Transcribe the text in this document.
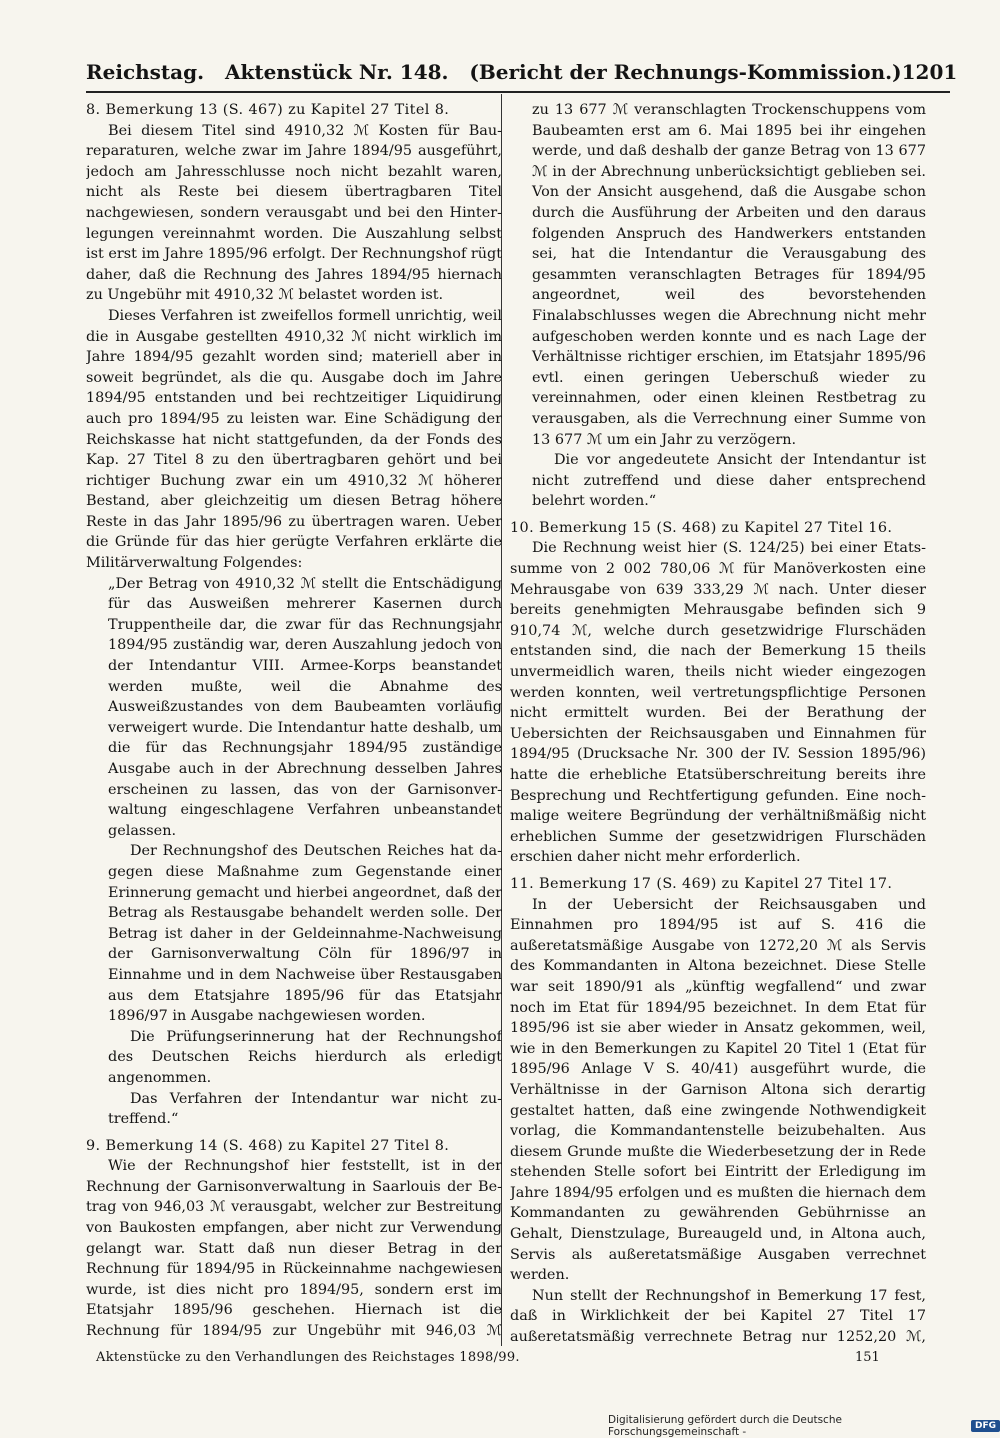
Reichstag.   Aktenstück Nr. 148.   (Bericht der Rechnungs-Kommission.) 1201

8. Bemerkung 13 (S. 467) zu Kapitel 27 Titel 8.

Bei diesem Titel sind 4910,32 ℳ Kosten für Baureparaturen, welche zwar im Jahre 1894/95 ausgeführt, jedoch am Jahresschlusse noch nicht bezahlt waren, nicht als Reste bei diesem übertragbaren Titel nachgewiesen, sondern verausgabt und bei den Hinterlegungen vereinnahmt worden. Die Auszahlung selbst ist erst im Jahre 1895/96 erfolgt. Der Rechnungshof rügt daher, daß die Rechnung des Jahres 1894/95 hiernach zu Ungebühr mit 4910,32 ℳ belastet worden ist.

Dieses Verfahren ist zweifellos formell unrichtig, weil die in Ausgabe gestellten 4910,32 ℳ nicht wirklich im Jahre 1894/95 gezahlt worden sind; materiell aber in soweit begründet, als die qu. Ausgabe doch im Jahre 1894/95 entstanden und bei rechtzeitiger Liquidirung auch pro 1894/95 zu leisten war. Eine Schädigung der Reichskasse hat nicht stattgefunden, da der Fonds des Kap. 27 Titel 8 zu den übertragbaren gehört und bei richtiger Buchung zwar ein um 4910,32 ℳ höherer Bestand, aber gleichzeitig um diesen Betrag höhere Reste in das Jahr 1895/96 zu übertragen waren. Ueber die Gründe für das hier gerügte Verfahren erklärte die Militärverwaltung Folgendes:

„Der Betrag von 4910,32 ℳ stellt die Entschädigung für das Ausweißen mehrerer Kasernen durch Truppentheile dar, die zwar für das Rechnungsjahr 1894/95 zuständig war, deren Auszahlung jedoch von der Intendantur VIII. Armee-Korps beanstandet werden mußte, weil die Abnahme des Ausweißzustandes von dem Baubeamten vorläufig verweigert wurde. Die Intendantur hatte deshalb, um die für das Rechnungsjahr 1894/95 zuständige Ausgabe auch in der Abrechnung desselben Jahres erscheinen zu lassen, das von der Garnisonverwaltung eingeschlagene Verfahren unbeanstandet gelassen.

Der Rechnungshof des Deutschen Reiches hat dagegen diese Maßnahme zum Gegenstande einer Erinnerung gemacht und hierbei angeordnet, daß der Betrag als Restausgabe behandelt werden solle. Der Betrag ist daher in der Geldeinnahme-Nachweisung der Garnisonverwaltung Cöln für 1896/97 in Einnahme und in dem Nachweise über Restausgaben aus dem Etatsjahre 1895/96 für das Etatsjahr 1896/97 in Ausgabe nachgewiesen worden.

Die Prüfungserinnerung hat der Rechnungshof des Deutschen Reichs hierdurch als erledigt angenommen.

Das Verfahren der Intendantur war nicht zutreffend.“

9. Bemerkung 14 (S. 468) zu Kapitel 27 Titel 8.

Wie der Rechnungshof hier feststellt, ist in der Rechnung der Garnisonverwaltung in Saarlouis der Betrag von 946,03 ℳ verausgabt, welcher zur Bestreitung von Baukosten empfangen, aber nicht zur Verwendung gelangt war. Statt daß nun dieser Betrag in der Rechnung für 1894/95 in Rückeinnahme nachgewiesen wurde, ist dies nicht pro 1894/95, sondern erst im Etatsjahr 1895/96 geschehen. Hiernach ist die Rechnung für 1894/95 zur Ungebühr mit 946,03 ℳ

zu 13 677 ℳ veranschlagten Trockenschuppens vom Baubeamten erst am 6. Mai 1895 bei ihr eingehen werde, und daß deshalb der ganze Betrag von 13 677 ℳ in der Abrechnung unberücksichtigt geblieben sei. Von der Ansicht ausgehend, daß die Ausgabe schon durch die Ausführung der Arbeiten und den daraus folgenden Anspruch des Handwerkers entstanden sei, hat die Intendantur die Verausgabung des gesammten veranschlagten Betrages für 1894/95 angeordnet, weil des bevorstehenden Finalabschlusses wegen die Abrechnung nicht mehr aufgeschoben werden konnte und es nach Lage der Verhältnisse richtiger erschien, im Etatsjahr 1895/96 evtl. einen geringen Ueberschuß wieder zu vereinnahmen, oder einen kleinen Restbetrag zu verausgaben, als die Verrechnung einer Summe von 13 677 ℳ um ein Jahr zu verzögern.

Die vor angedeutete Ansicht der Intendantur ist nicht zutreffend und diese daher entsprechend belehrt worden.“

10. Bemerkung 15 (S. 468) zu Kapitel 27 Titel 16.

Die Rechnung weist hier (S. 124/25) bei einer Etatssumme von 2 002 780,06 ℳ für Manöverkosten eine Mehrausgabe von 639 333,29 ℳ nach. Unter dieser bereits genehmigten Mehrausgabe befinden sich 9 910,74 ℳ, welche durch gesetzwidrige Flurschäden entstanden sind, die nach der Bemerkung 15 theils unvermeidlich waren, theils nicht wieder eingezogen werden konnten, weil vertretungspflichtige Personen nicht ermittelt wurden. Bei der Berathung der Uebersichten der Reichsausgaben und Einnahmen für 1894/95 (Drucksache Nr. 300 der IV. Session 1895/96) hatte die erhebliche Etatsüberschreitung bereits ihre Besprechung und Rechtfertigung gefunden. Eine nochmalige weitere Begründung der verhältnißmäßig nicht erheblichen Summe der gesetzwidrigen Flurschäden erschien daher nicht mehr erforderlich.

11. Bemerkung 17 (S. 469) zu Kapitel 27 Titel 17.

In der Uebersicht der Reichsausgaben und Einnahmen pro 1894/95 ist auf S. 416 die außeretatsmäßige Ausgabe von 1272,20 ℳ als Servis des Kommandanten in Altona bezeichnet. Diese Stelle war seit 1890/91 als „künftig wegfallend“ und zwar noch im Etat für 1894/95 bezeichnet. In dem Etat für 1895/96 ist sie aber wieder in Ansatz gekommen, weil, wie in den Bemerkungen zu Kapitel 20 Titel 1 (Etat für 1895/96 Anlage V S. 40/41) ausgeführt wurde, die Verhältnisse in der Garnison Altona sich derartig gestaltet hatten, daß eine zwingende Nothwendigkeit vorlag, die Kommandantenstelle beizubehalten. Aus diesem Grunde mußte die Wiederbesetzung der in Rede stehenden Stelle sofort bei Eintritt der Erledigung im Jahre 1894/95 erfolgen und es mußten die hiernach dem Kommandanten zu gewährenden Gebührnisse an Gehalt, Dienstzulage, Bureaugeld und, in Altona auch, Servis als außeretatsmäßige Ausgaben verrechnet werden.

Nun stellt der Rechnungshof in Bemerkung 17 fest, daß in Wirklichkeit der bei Kapitel 27 Titel 17 außeretatsmäßig verrechnete Betrag nur 1252,20 ℳ,

Aktenstücke zu den Verhandlungen des Reichstages 1898/99.	151
Digitalisierung gefördert durch die Deutsche Forschungsgemeinschaft -	DFG
